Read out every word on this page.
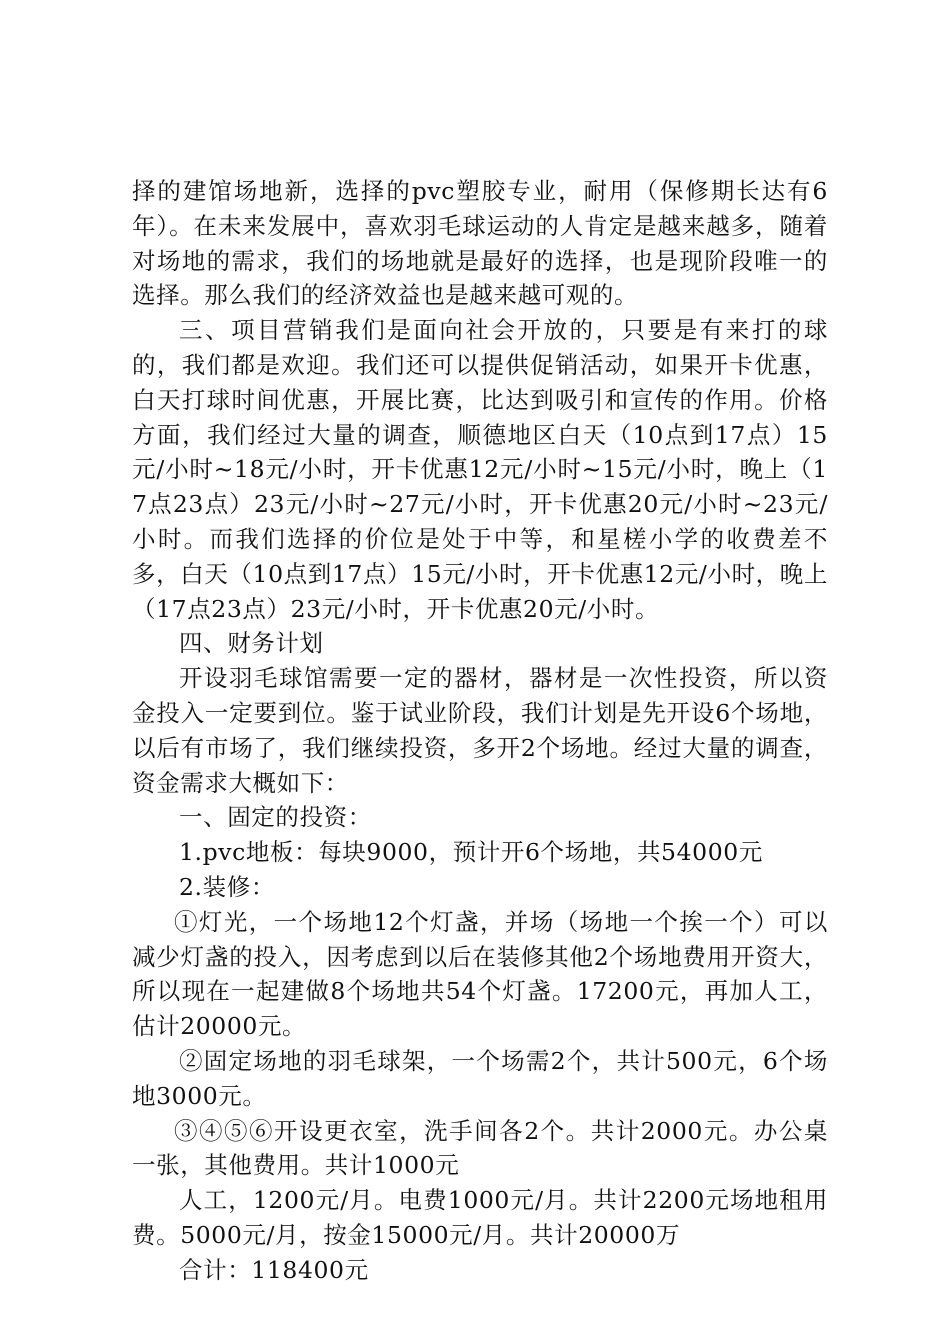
择的建馆场地新，选择的pvc塑胶专业，耐用（保修期长达有6年）。在未来发展中，喜欢羽毛球运动的人肯定是越来越多，随着对场地的需求，我们的场地就是最好的选择，也是现阶段唯一的选择。那么我们的经济效益也是越来越可观的。

三、项目营销我们是面向社会开放的，只要是有来打的球的，我们都是欢迎。我们还可以提供促销活动，如果开卡优惠，白天打球时间优惠，开展比赛，比达到吸引和宣传的作用。价格方面，我们经过大量的调查，顺德地区白天（10点到17点）15元/小时~18元/小时，开卡优惠12元/小时~15元/小时，晚上（17点23点）23元/小时~27元/小时，开卡优惠20元/小时~23元/小时。而我们选择的价位是处于中等，和星槎小学的收费差不多，白天（10点到17点）15元/小时，开卡优惠12元/小时，晚上（17点23点）23元/小时，开卡优惠20元/小时。

四、财务计划

开设羽毛球馆需要一定的器材，器材是一次性投资，所以资金投入一定要到位。鉴于试业阶段，我们计划是先开设6个场地，以后有市场了，我们继续投资，多开2个场地。经过大量的调查，资金需求大概如下：

一、固定的投资：

1.pvc地板：每块9000，预计开6个场地，共54000元

2.装修：

①灯光，一个场地12个灯盏，并场（场地一个挨一个）可以减少灯盏的投入，因考虑到以后在装修其他2个场地费用开资大，所以现在一起建做8个场地共54个灯盏。17200元，再加人工，估计20000元。

②固定场地的羽毛球架，一个场需2个，共计500元，6个场地3000元。

③④⑤⑥开设更衣室，洗手间各2个。共计2000元。办公桌一张，其他费用。共计1000元

人工，1200元/月。电费1000元/月。共计2200元场地租用费。5000元/月，按金15000元/月。共计20000万

合计：118400元
